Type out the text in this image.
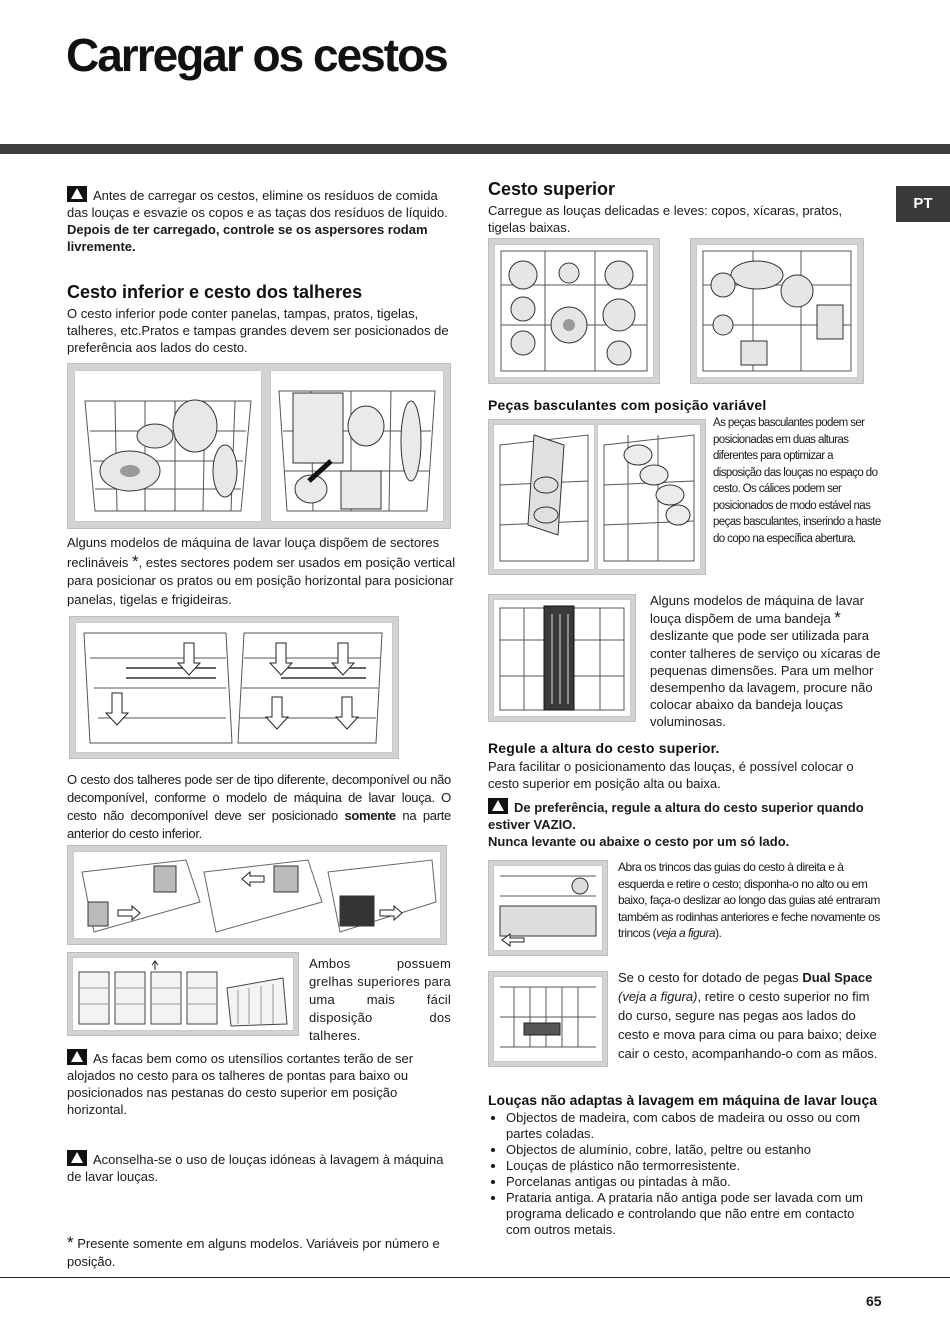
Carregar os cestos
PT

Antes de carregar os cestos, elimine os resíduos de comida das louças e esvazie os copos e as taças dos resíduos de líquido.

Depois de ter carregado, controle se os aspersores rodam livremente.

Cesto inferior e cesto dos talheres

O cesto inferior pode conter panelas, tampas, pratos, tigelas, talheres, etc.Pratos e tampas grandes devem ser posicionados de preferência aos lados do cesto.

Alguns modelos de máquina de lavar louça dispõem de sectores reclináveis *, estes sectores podem ser usados em posição vertical para posicionar os pratos ou em posição horizontal para posicionar panelas, tigelas e frigideiras.

O cesto dos talheres pode ser de tipo diferente, decomponível ou não decomponível, conforme o modelo de máquina de lavar louça. O cesto não decomponível deve ser posicionado somente na parte anterior do cesto inferior.

Ambos possuem grelhas superiores para uma mais fácil disposição dos talheres.

As facas bem como os utensílios cortantes terão de ser alojados no cesto para os talheres de pontas para baixo ou posicionados nas pestanas do cesto superior em posição horizontal.

Aconselha-se o uso de louças idóneas à lavagem à máquina de lavar louças.

* Presente somente em alguns modelos. Variáveis por número e posição.

Cesto superior

Carregue as louças delicadas e leves: copos, xícaras, pratos, tigelas baixas.

Peças basculantes com posição variável

As peças basculantes podem ser posicionadas em duas alturas diferentes para optimizar a disposição das louças no espaço do cesto. Os cálices podem ser posicionados de modo estável nas peças basculantes, inserindo a haste do copo na específica abertura.

Alguns modelos de máquina de lavar louça dispõem de uma bandeja * deslizante que pode ser utilizada para conter talheres de serviço ou xícaras de pequenas dimensões. Para um melhor desempenho da lavagem, procure não colocar abaixo da bandeja louças voluminosas.

Regule a altura do cesto superior.

Para facilitar o posicionamento das louças, é possível colocar o cesto superior em posição alta ou baixa.

De preferência, regule a altura do cesto superior quando estiver VAZIO.

Nunca levante ou abaixe o cesto por um só lado.

Abra os trincos das guias do cesto à direita e à esquerda e retire o cesto; disponha-o no alto ou em baixo, faça-o deslizar ao longo das guias até entraram também as rodinhas anteriores e feche novamente os trincos (veja a figura).

Se o cesto for dotado de pegas Dual Space (veja a figura), retire o cesto superior no fim do curso, segure nas pegas aos lados do cesto e mova para cima ou para baixo; deixe cair o cesto, acompanhando-o com as mãos.

Louças não adaptas à lavagem em máquina de lavar louça
• Objectos de madeira, com cabos de madeira ou osso ou com partes coladas.
• Objectos de alumínio, cobre, latão, peltre ou estanho
• Louças de plástico não termorresistente.
• Porcelanas antigas ou pintadas à mão.
• Prataria antiga. A prataria não antiga pode ser lavada com um programa delicado e controlando que não entre em contacto com outros metais.
65
